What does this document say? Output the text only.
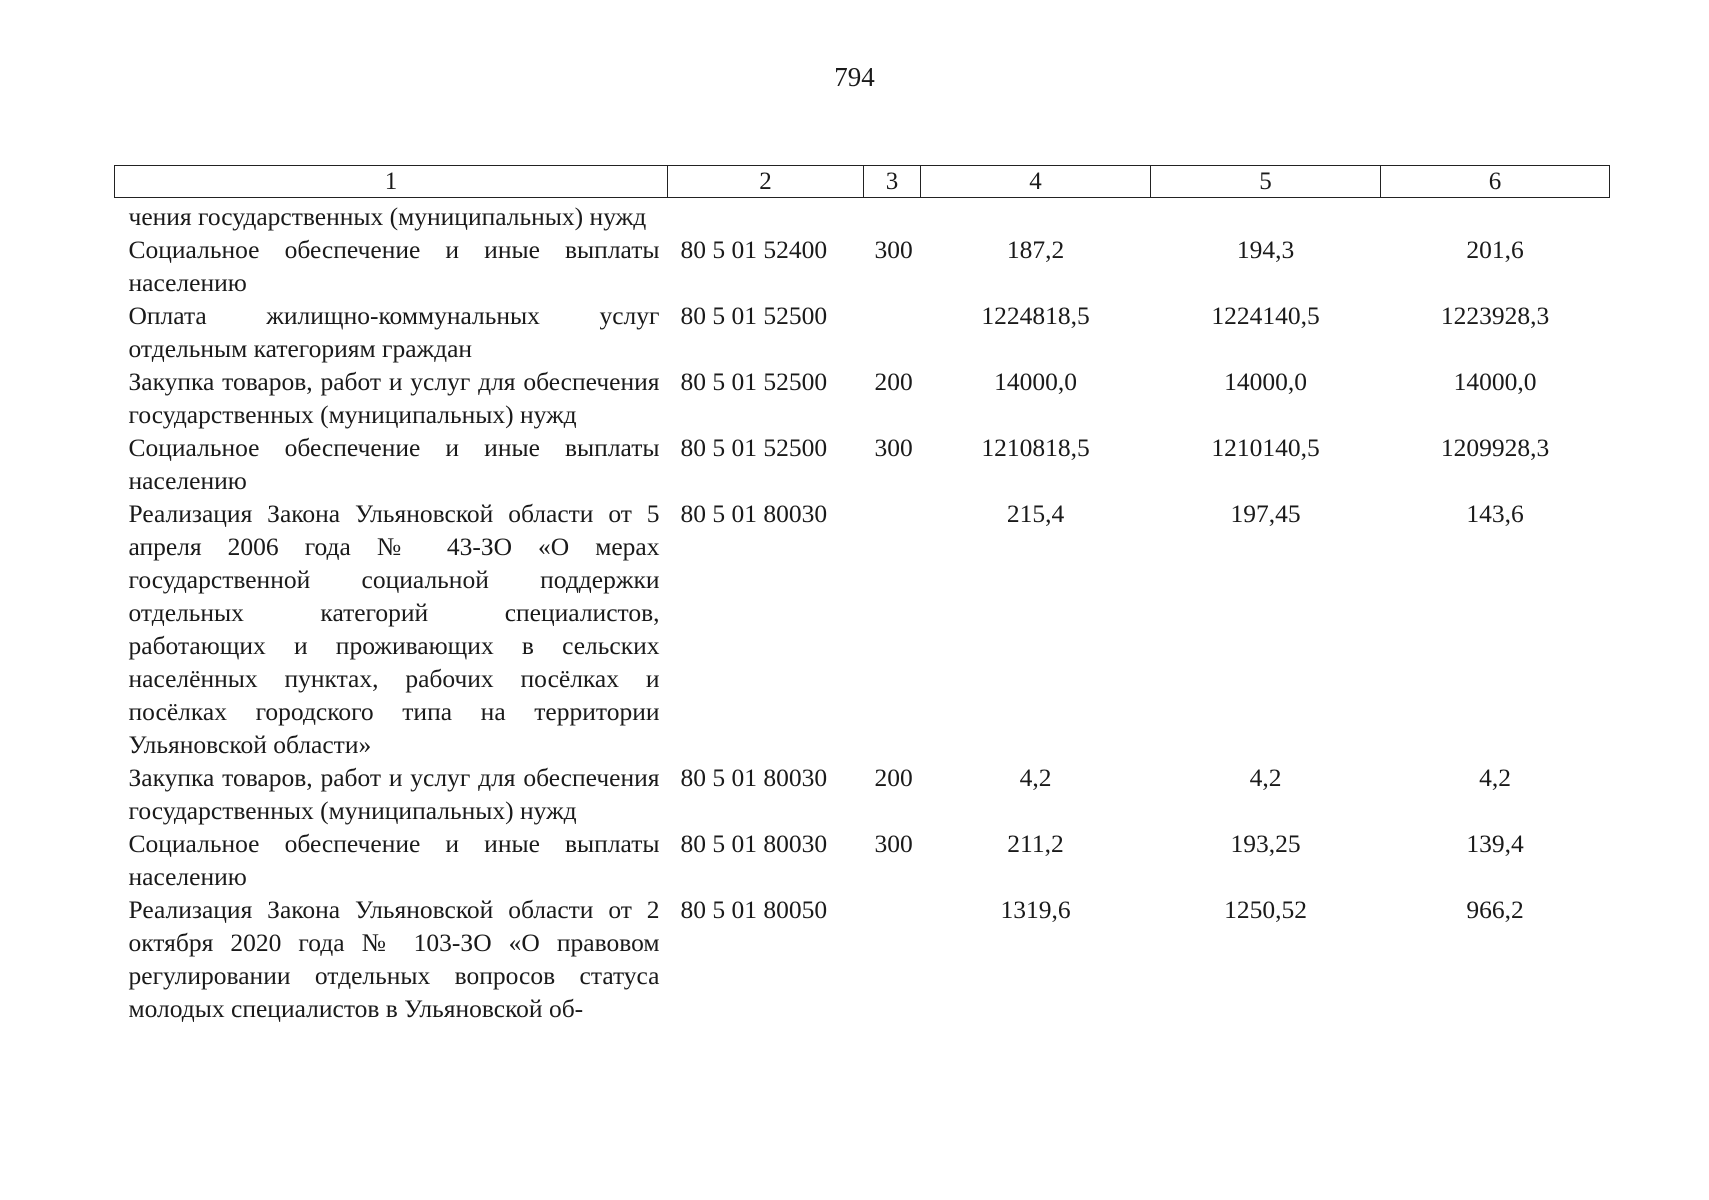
794
1	2	3	4	5	6
чения государственных (муниципальных) нужд					
Социальное обеспечение и иные выплаты населению	80 5 01 52400	300	187,2	194,3	201,6
Оплата жилищно-коммунальных услуг отдельным категориям граждан	80 5 01 52500		1224818,5	1224140,5	1223928,3
Закупка товаров, работ и услуг для обеспечения государственных (муниципальных) нужд	80 5 01 52500	200	14000,0	14000,0	14000,0
Социальное обеспечение и иные выплаты населению	80 5 01 52500	300	1210818,5	1210140,5	1209928,3
Реализация Закона Ульяновской области от 5 апреля 2006 года № 43-ЗО «О мерах государственной социальной поддержки отдельных категорий специалистов, работающих и проживающих в сельских населённых пунктах, рабочих посёлках и посёлках городского типа на территории Ульяновской области»	80 5 01 80030		215,4	197,45	143,6
Закупка товаров, работ и услуг для обеспечения государственных (муниципальных) нужд	80 5 01 80030	200	4,2	4,2	4,2
Социальное обеспечение и иные выплаты населению	80 5 01 80030	300	211,2	193,25	139,4
Реализация Закона Ульяновской области от 2 октября 2020 года № 103-ЗО «О правовом регулировании отдельных вопросов статуса молодых специалистов в Ульяновской об-	80 5 01 80050		1319,6	1250,52	966,2
